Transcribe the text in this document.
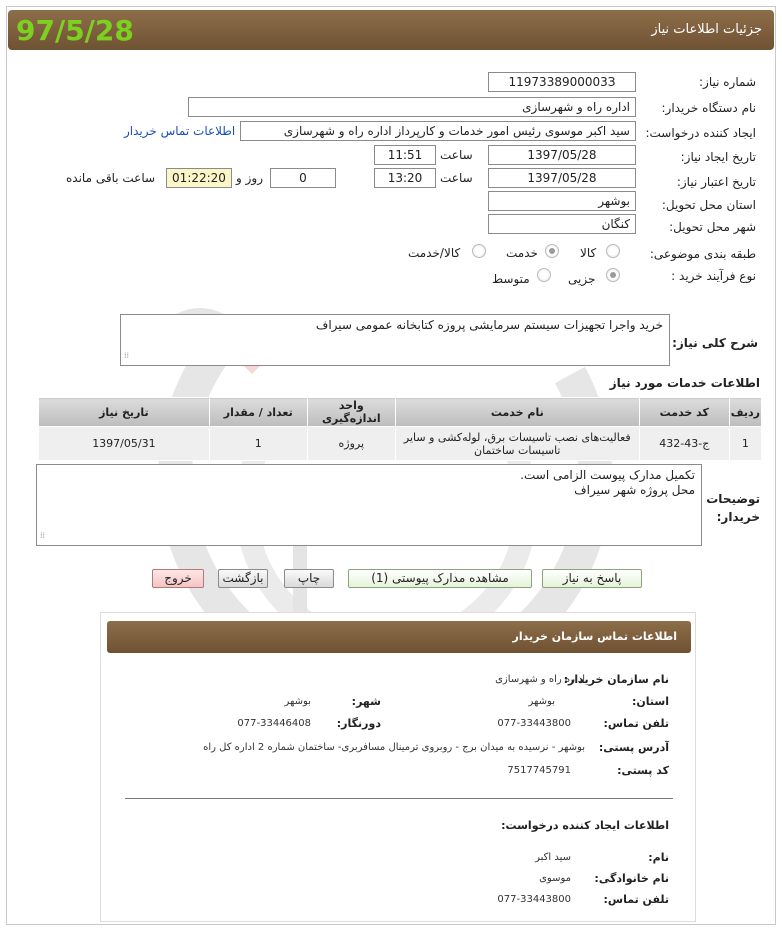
جزئیات اطلاعات نیاز
97/5/28
شماره نیاز:
1197338900003З
نام دستگاه خریدار:
اداره راه و شهرسازی
ایجاد کننده درخواست:
سید اکبر موسوی رئیس امور خدمات و کارپرداز اداره راه و شهرسازی
اطلاعات تماس خریدار
تاریخ ایجاد نیاز:
1397/05/28
ساعت
11:51
تاریخ اعتبار نیاز:
1397/05/28
ساعت
13:20
0
روز و
01:22:20
ساعت باقی مانده
استان محل تحویل:
بوشهر
شهر محل تحویل:
کنگان
طبقه بندی موضوعی:
کالا
خدمت
کالا/خدمت
نوع فرآیند خرید :
جزیی
متوسط
شرح کلی نیاز:
خرید واجرا تجهیزات سیستم سرمایشی پروزه کتابخانه عمومی سیراف
⁞⁞
اطلاعات خدمات مورد نیاز
ردیف	کد خدمت	نام خدمت	واحد اندازه‌گیری	تعداد / مقدار	تاریخ نیاز
1	ج-43-432	فعالیت‌های نصب تاسیسات برق، لوله‌کشی و سایر تاسیسات ساختمان	پروژه	1	1397/05/31
توضیحات خریدار:
تکمیل مدارک پیوست الزامی است.
محل پروژه شهر سیراف
⁞⁞
پاسخ به نیاز
مشاهده مدارک پیوستی (1)
چاپ
بازگشت
خروج
اطلاعات تماس سازمان خریدار
نام سازمان خریدار:
اداره راه و شهرسازی
استان:
بوشهر
شهر:
بوشهر
تلفن تماس:
077-33443800
دورنگار:
077-33446408
آدرس پستی:
بوشهر - نرسیده به میدان برج - روبروی ترمینال مسافربری- ساختمان شماره 2 اداره کل راه
کد پستی:
7517745791
اطلاعات ایجاد کننده درخواست:
نام:
سید اکبر
نام خانوادگی:
موسوی
تلفن تماس:
077-33443800
